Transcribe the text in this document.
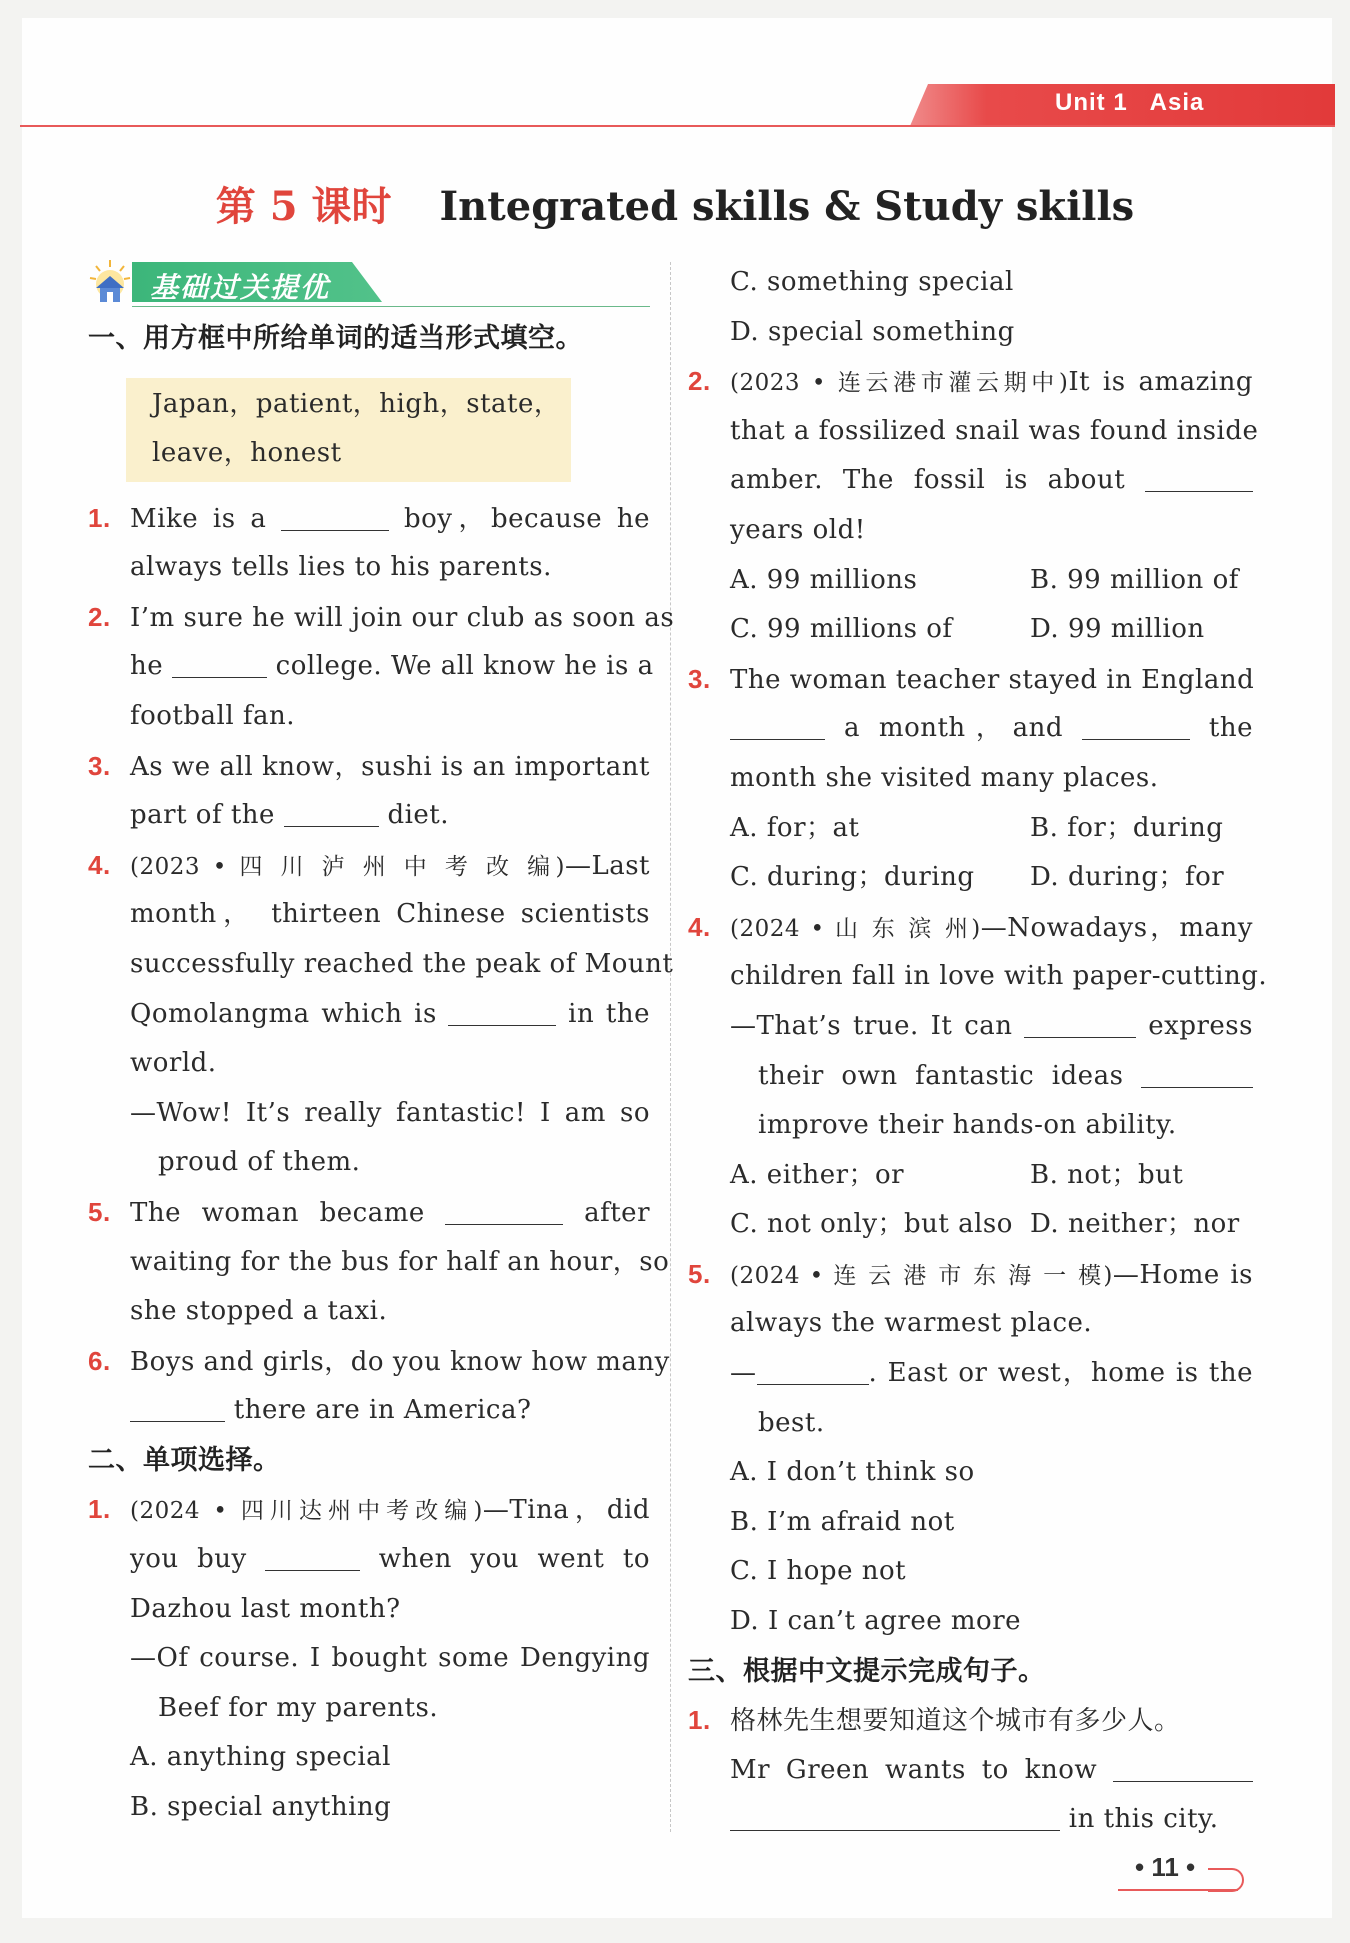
Unit 1 Asia
第 5 课时 Integrated skills & Study skills
基础过关提优
一、用方框中所给单词的适当形式填空。
Japan，patient，high，state，
leave，honest
1. Mike is a	boy，because he
always tells lies to his parents.
2. I’m sure he will join our club as soon as
he	college. We all know he is a
football fan.
3. As we all know，sushi is an important
part of the	diet.
4. (2023 • 四 川 泸 州 中 考 改 编)—Last
month， thirteen Chinese scientists
successfully reached the peak of Mount
Qomolangma which is	in the
world.
—Wow! It’s really fantastic! I am so
proud of them.
5. The woman became	after
waiting for the bus for half an hour，so
she stopped a taxi.
6. Boys and girls，do you know how many
there are in America?
二、单项选择。
1. (2024 • 四川达州中考改编)—Tina，did
you buy	when you went to
Dazhou last month?
—Of course. I bought some Dengying
Beef for my parents.
A. anything special
B. special anything
C. something special
D. special something
2. (2023 • 连云港市灌云期中)It is amazing
that a fossilized snail was found inside
amber. The fossil is about
years old!
A. 99 millions	B. 99 million of
C. 99 millions of	D. 99 million
3. The woman teacher stayed in England
a month，and	the
month she visited many places.
A. for；at	B. for；during
C. during；during	D. during；for
4. (2024 • 山 东 滨 州)—Nowadays，many
children fall in love with paper-cutting.
—That’s true. It can	express
their own fantastic ideas
improve their hands-on ability.
A. either；or	B. not；but
C. not only；but also D. neither；nor
5. (2024 • 连 云 港 市 东 海 一 模)—Home is
always the warmest place.
—	. East or west，home is the
best.
A. I don’t think so
B. I’m afraid not
C. I hope not
D. I can’t agree more
三、根据中文提示完成句子。
1. 格林先生想要知道这个城市有多少人。
Mr Green wants to know
in this city.
• 11 •
